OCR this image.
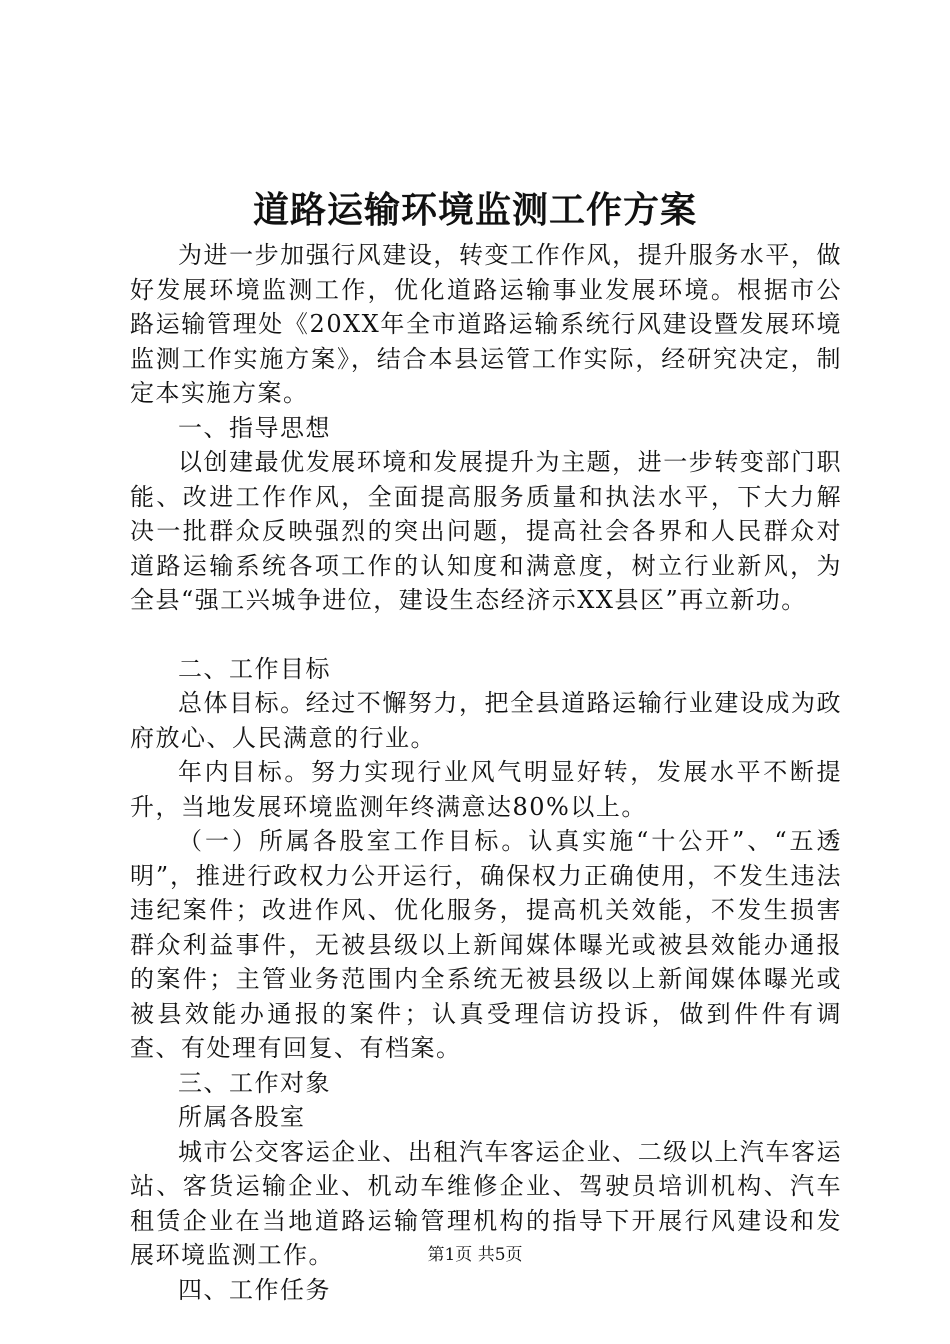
道路运输环境监测工作方案

为进一步加强行风建设，转变工作作风，提升服务水平，做好发展环境监测工作，优化道路运输事业发展环境。根据市公路运输管理处《20XX年全市道路运输系统行风建设暨发展环境监测工作实施方案》，结合本县运管工作实际，经研究决定，制定本实施方案。

一、指导思想

以创建最优发展环境和发展提升为主题，进一步转变部门职能、改进工作作风，全面提高服务质量和执法水平，下大力解决一批群众反映强烈的突出问题，提高社会各界和人民群众对道路运输系统各项工作的认知度和满意度，树立行业新风，为全县“强工兴城争进位，建设生态经济示XX县区”再立新功。

二、工作目标

总体目标。经过不懈努力，把全县道路运输行业建设成为政府放心、人民满意的行业。

年内目标。努力实现行业风气明显好转，发展水平不断提升，当地发展环境监测年终满意达80%以上。

（一）所属各股室工作目标。认真实施“十公开”、“五透明”，推进行政权力公开运行，确保权力正确使用，不发生违法违纪案件；改进作风、优化服务，提高机关效能，不发生损害群众利益事件，无被县级以上新闻媒体曝光或被县效能办通报的案件；主管业务范围内全系统无被县级以上新闻媒体曝光或被县效能办通报的案件；认真受理信访投诉，做到件件有调查、有处理有回复、有档案。

三、工作对象

所属各股室

城市公交客运企业、出租汽车客运企业、二级以上汽车客运站、客货运输企业、机动车维修企业、驾驶员培训机构、汽车租赁企业在当地道路运输管理机构的指导下开展行风建设和发展环境监测工作。

四、工作任务

第1页 共5页
